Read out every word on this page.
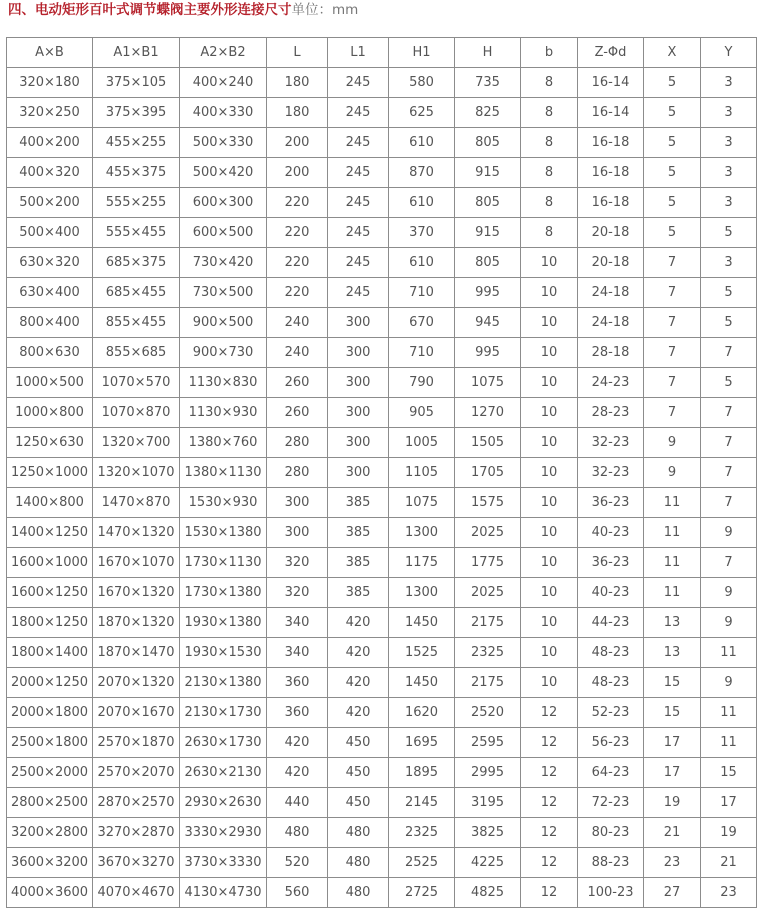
四、电动矩形百叶式调节蝶阀主要外形连接尺寸单位：mm
A×B	A1×B1	A2×B2	L	L1	H1	H	b	Z-Φd	X	Y
320×180	375×105	400×240	180	245	580	735	8	16-14	5	3
320×250	375×395	400×330	180	245	625	825	8	16-14	5	3
400×200	455×255	500×330	200	245	610	805	8	16-18	5	3
400×320	455×375	500×420	200	245	870	915	8	16-18	5	3
500×200	555×255	600×300	220	245	610	805	8	16-18	5	3
500×400	555×455	600×500	220	245	370	915	8	20-18	5	5
630×320	685×375	730×420	220	245	610	805	10	20-18	7	3
630×400	685×455	730×500	220	245	710	995	10	24-18	7	5
800×400	855×455	900×500	240	300	670	945	10	24-18	7	5
800×630	855×685	900×730	240	300	710	995	10	28-18	7	7
1000×500	1070×570	1130×830	260	300	790	1075	10	24-23	7	5
1000×800	1070×870	1130×930	260	300	905	1270	10	28-23	7	7
1250×630	1320×700	1380×760	280	300	1005	1505	10	32-23	9	7
1250×1000	1320×1070	1380×1130	280	300	1105	1705	10	32-23	9	7
1400×800	1470×870	1530×930	300	385	1075	1575	10	36-23	11	7
1400×1250	1470×1320	1530×1380	300	385	1300	2025	10	40-23	11	9
1600×1000	1670×1070	1730×1130	320	385	1175	1775	10	36-23	11	7
1600×1250	1670×1320	1730×1380	320	385	1300	2025	10	40-23	11	9
1800×1250	1870×1320	1930×1380	340	420	1450	2175	10	44-23	13	9
1800×1400	1870×1470	1930×1530	340	420	1525	2325	10	48-23	13	11
2000×1250	2070×1320	2130×1380	360	420	1450	2175	10	48-23	15	9
2000×1800	2070×1670	2130×1730	360	420	1620	2520	12	52-23	15	11
2500×1800	2570×1870	2630×1730	420	450	1695	2595	12	56-23	17	11
2500×2000	2570×2070	2630×2130	420	450	1895	2995	12	64-23	17	15
2800×2500	2870×2570	2930×2630	440	450	2145	3195	12	72-23	19	17
3200×2800	3270×2870	3330×2930	480	480	2325	3825	12	80-23	21	19
3600×3200	3670×3270	3730×3330	520	480	2525	4225	12	88-23	23	21
4000×3600	4070×4670	4130×4730	560	480	2725	4825	12	100-23	27	23
